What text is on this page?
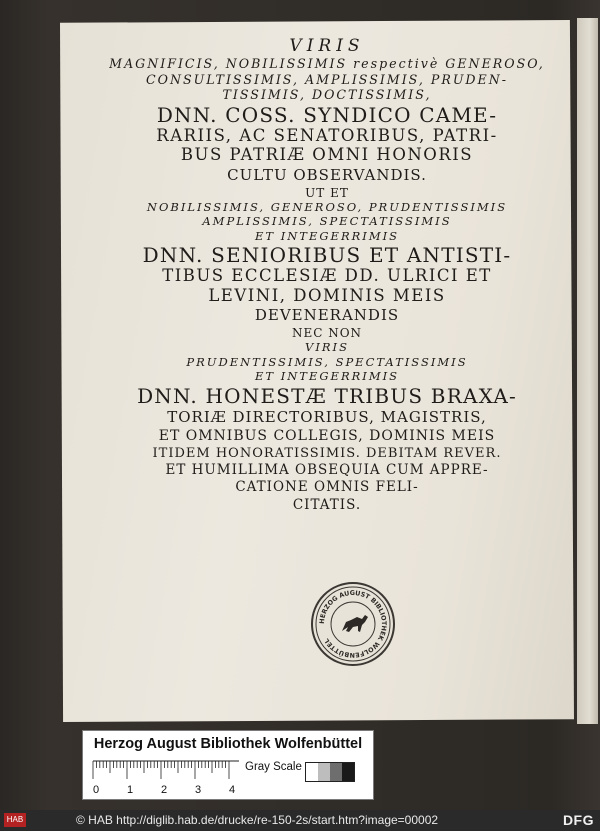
VIRIS
MAGNIFICIS, NOBILISSIMIS respectivè GENEROSO,
CONSULTISSIMIS, AMPLISSIMIS, PRUDEN-
TISSIMIS, DOCTISSIMIS,
DNN. COSS. SYNDICO CAME-
RARIIS, AC SENATORIBUS, PATRI-
BUS PATRIÆ OMNI HONORIS
CULTU OBSERVANDIS.
UT ET
NOBILISSIMIS, GENEROSO, PRUDENTISSIMIS
AMPLISSIMIS, SPECTATISSIMIS
ET INTEGERRIMIS
DNN. SENIORIBUS ET ANTISTI-
TIBUS ECCLESIÆ DD. ULRICI ET
LEVINI, DOMINIS MEIS
DEVENERANDIS
NEC NON
VIRIS
PRUDENTISSIMIS, SPECTATISSIMIS
ET INTEGERRIMIS
DNN. HONESTÆ TRIBUS BRAXA-
TORIÆ DIRECTORIBUS, MAGISTRIS,
ET OMNIBUS COLLEGIS, DOMINIS MEIS
ITIDEM HONORATISSIMIS. DEBITAM REVER.
ET HUMILLIMA OBSEQUIA CUM APPRE-
CATIONE OMNIS FELI-
CITATIS.
HERZOG AUGUST BIBLIOTHEK WOLFENBÜTTEL
Herzog August Bibliothek Wolfenbüttel
0	1	2	3	4
Gray Scale
HAB	© HAB http://diglib.hab.de/drucke/re-150-2s/start.htm?image=00002	DFG
